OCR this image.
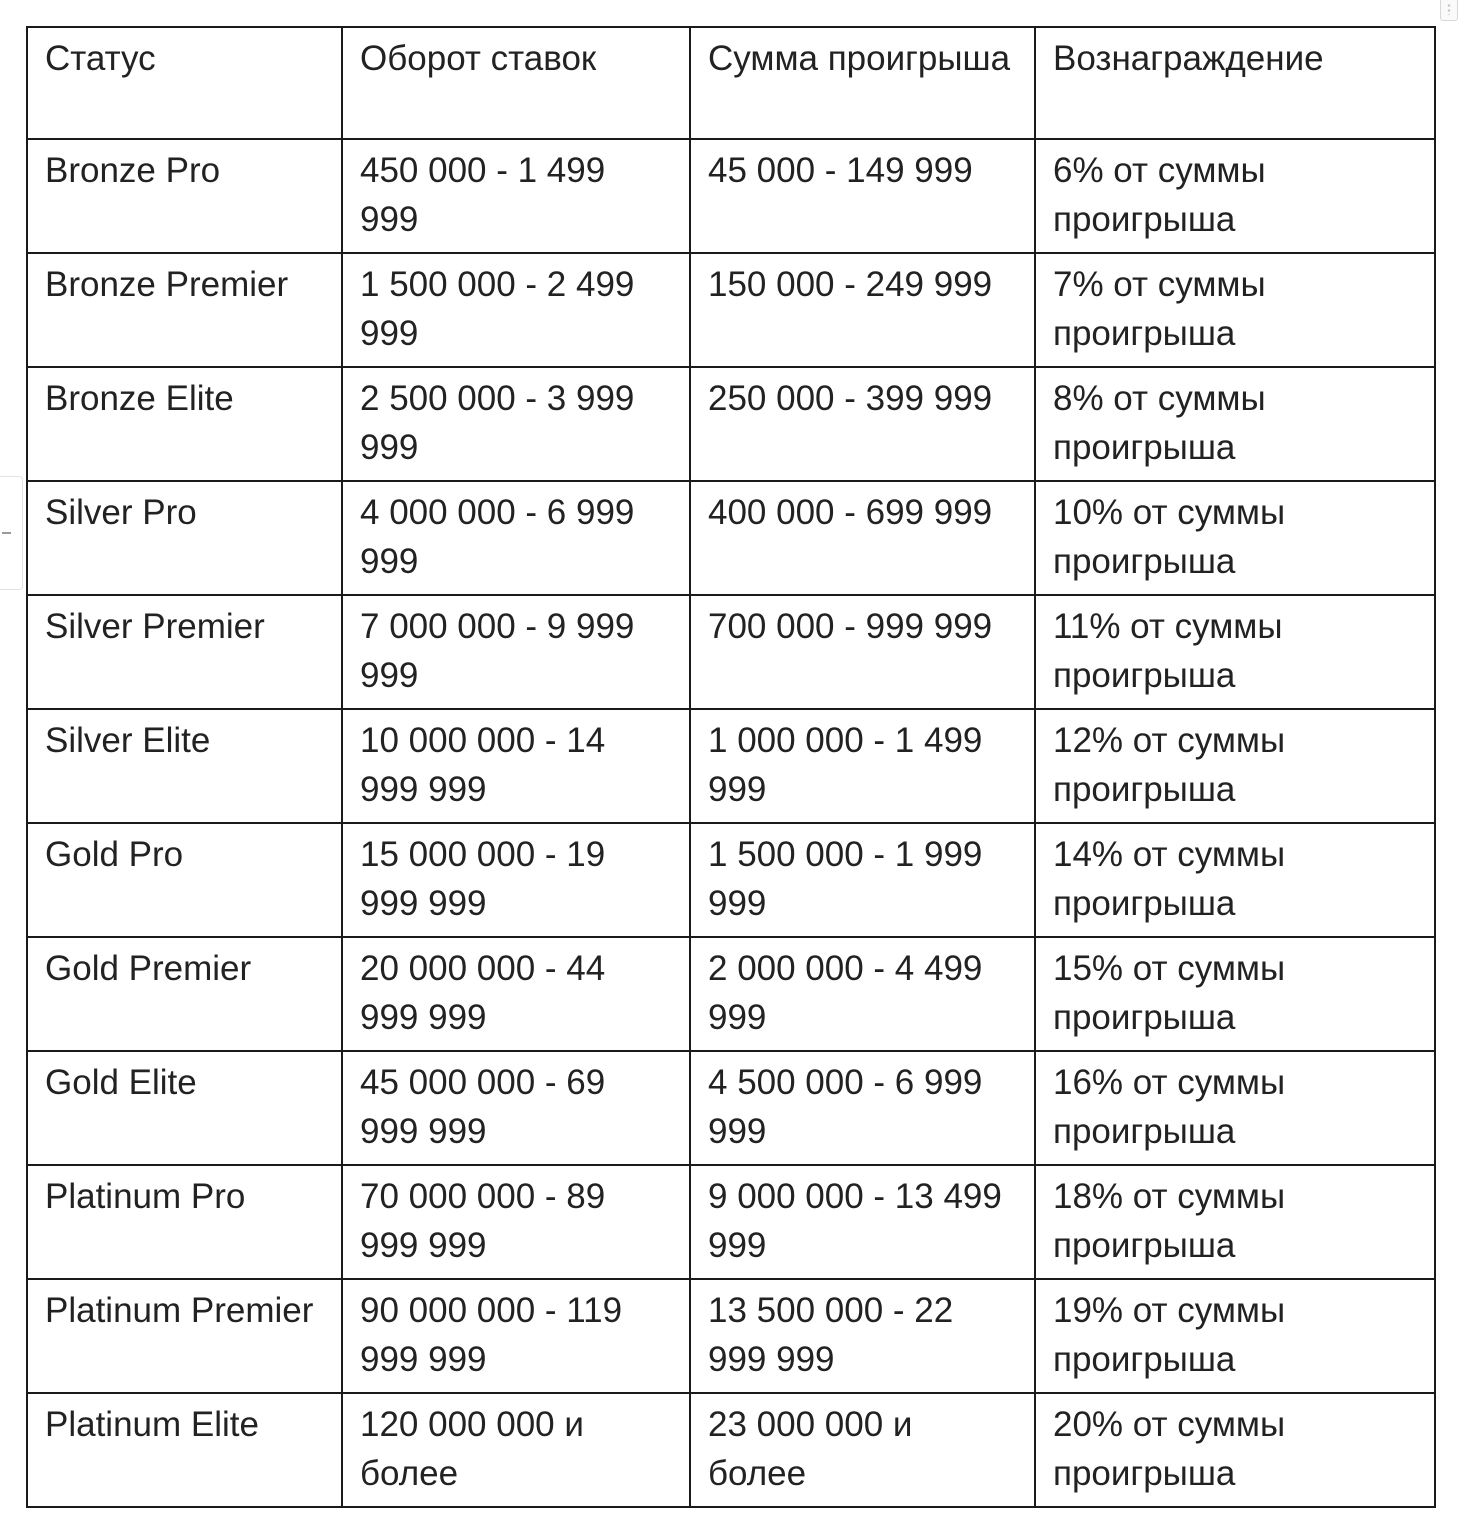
Статус	Оборот ставок	Сумма проигрыша	Вознаграждение
Bronze Pro	450 000 - 1 499 999	45 000 - 149 999	6% от суммы проигрыша
Bronze Premier	1 500 000 - 2 499 999	150 000 - 249 999	7% от суммы проигрыша
Bronze Elite	2 500 000 - 3 999 999	250 000 - 399 999	8% от суммы проигрыша
Silver Pro	4 000 000 - 6 999 999	400 000 - 699 999	10% от суммы проигрыша
Silver Premier	7 000 000 - 9 999 999	700 000 - 999 999	11% от суммы проигрыша
Silver Elite	10 000 000 - 14 999 999	1 000 000 - 1 499 999	12% от суммы проигрыша
Gold Pro	15 000 000 - 19 999 999	1 500 000 - 1 999 999	14% от суммы проигрыша
Gold Premier	20 000 000 - 44 999 999	2 000 000 - 4 499 999	15% от суммы проигрыша
Gold Elite	45 000 000 - 69 999 999	4 500 000 - 6 999 999	16% от суммы проигрыша
Platinum Pro	70 000 000 - 89 999 999	9 000 000 - 13 499 999	18% от суммы проигрыша
Platinum Premier	90 000 000 - 119 999 999	13 500 000 - 22 999 999	19% от суммы проигрыша
Platinum Elite	120 000 000 и более	23 000 000 и более	20% от суммы проигрыша
